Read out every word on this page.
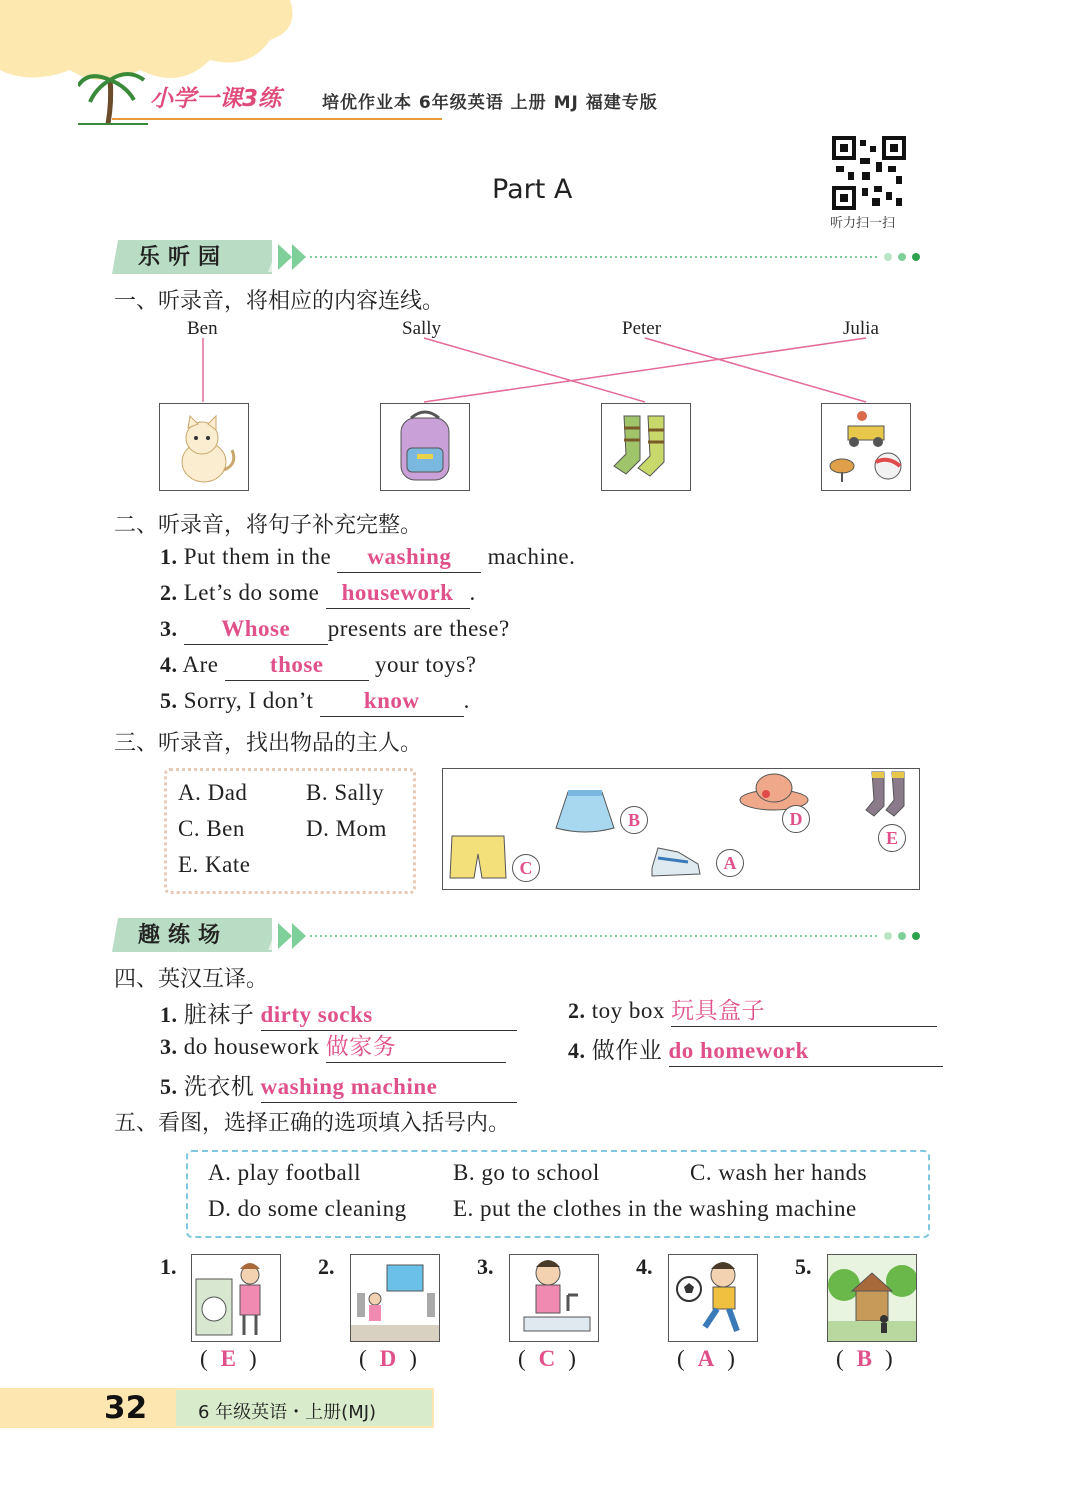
小学一课3练 培优作业本 6年级英语 上册 MJ 福建专版
Part A
听力扫一扫
乐听园
一、听录音，将相应的内容连线。
Ben	Sally	Peter	Julia
二、听录音，将句子补充完整。
1. Put them in the washing machine.
2. Let’s do some housework .
3. Whose presents are these?
4. Are those your toys?
5. Sorry, I don’t know .
三、听录音，找出物品的主人。
A. Dad	B. Sally
C. Ben	D. Mom
E. Kate	C
B
A
D
E
趣练场
四、英汉互译。
1. 脏袜子 dirty socks	2. toy box 玩具盒子
3. do housework 做家务	4. 做作业 do homework
5. 洗衣机 washing machine
五、看图，选择正确的选项填入括号内。
A. play football	B. go to school	C. wash her hands
D. do some cleaning E. put the clothes in the washing machine
1.	2.	3.	4.	5.
(  E  )	(  D  )	(  C  )	(  A  )	(  B  )
32	6 年级英语・上册(MJ)
